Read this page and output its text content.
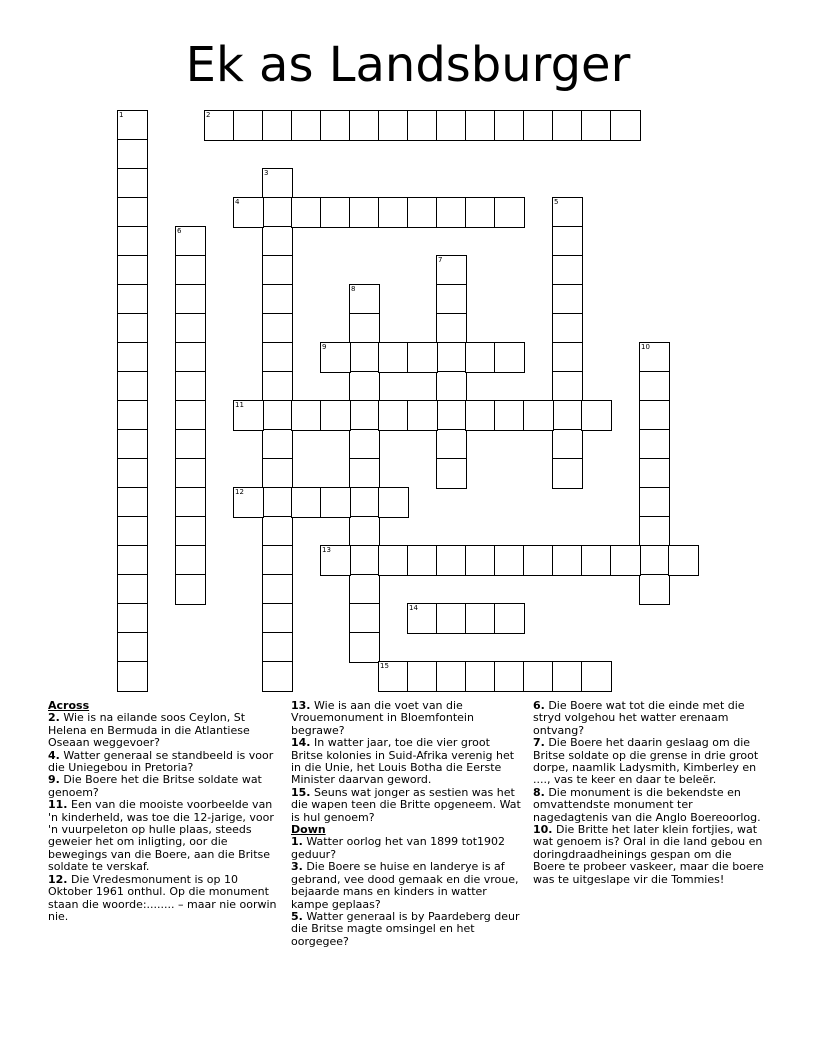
Ek as Landsburger
1	2
3
4	5
6
7
8
9	10
11
12
13
14
15

Across

2. Wie is na eilande soos Ceylon, St Helena en Bermuda in die Atlantiese Oseaan weggevoer?

4. Watter generaal se standbeeld is voor die Uniegebou in Pretoria?

9. Die Boere het die Britse soldate wat genoem?

11. Een van die mooiste voorbeelde van 'n kinderheld, was toe die 12-jarige, voor 'n vuurpeleton op hulle plaas, steeds geweier het om inligting, oor die bewegings van die Boere, aan die Britse soldate te verskaf.

12. Die Vredesmonument is op 10 Oktober 1961 onthul. Op die monument staan die woorde:........ – maar nie oorwin nie.

13. Wie is aan die voet van die Vrouemonument in Bloemfontein begrawe?

14. In watter jaar, toe die vier groot Britse kolonies in Suid-Afrika verenig het in die Unie, het Louis Botha die Eerste Minister daarvan geword.

15. Seuns wat jonger as sestien was het die wapen teen die Britte opgeneem. Wat is hul genoem?

Down

1. Watter oorlog het van 1899 tot1902 geduur?

3. Die Boere se huise en landerye is af gebrand, vee dood gemaak en die vroue, bejaarde mans en kinders in watter kampe geplaas?

5. Watter generaal is by Paardeberg deur die Britse magte omsingel en het oorgegee?

6. Die Boere wat tot die einde met die stryd volgehou het watter erenaam ontvang?

7. Die Boere het daarin geslaag om die Britse soldate op die grense in drie groot dorpe, naamlik Ladysmith, Kimberley en ...., vas te keer en daar te beleër.

8. Die monument is die bekendste en omvattendste monument ter nagedagtenis van die Anglo Boereoorlog.

10. Die Britte het later klein fortjies, wat wat genoem is? Oral in die land gebou en doringdraadheinings gespan om die Boere te probeer vaskeer, maar die boere was te uitgeslape vir die Tommies!
